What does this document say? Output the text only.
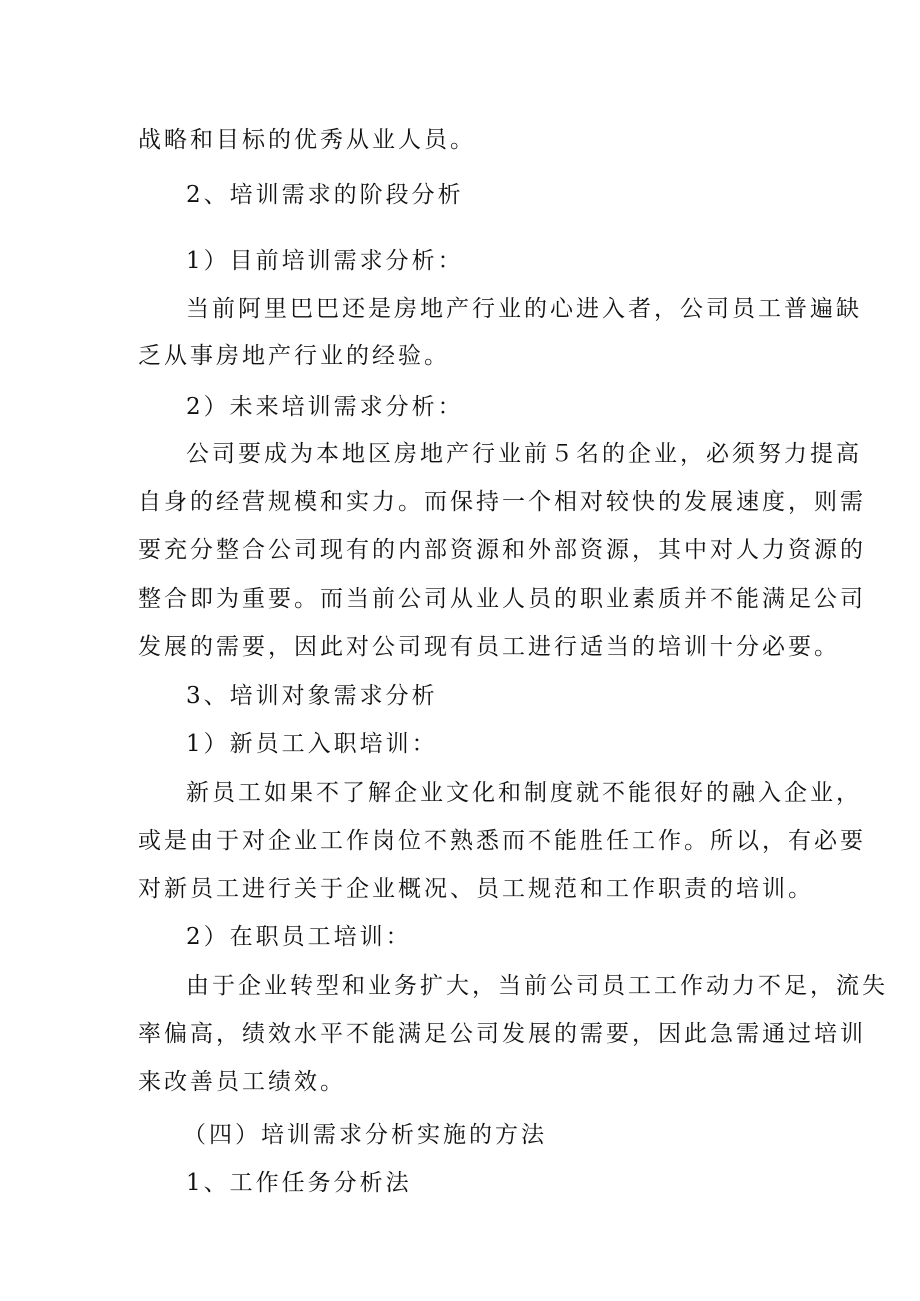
战略和目标的优秀从业人员。
2、培训需求的阶段分析
1）目前培训需求分析：
当前阿里巴巴还是房地产行业的心进入者，公司员工普遍缺
乏从事房地产行业的经验。
2）未来培训需求分析：
公司要成为本地区房地产行业前５名的企业，必须努力提高
自身的经营规模和实力。而保持一个相对较快的发展速度，则需
要充分整合公司现有的内部资源和外部资源，其中对人力资源的
整合即为重要。而当前公司从业人员的职业素质并不能满足公司
发展的需要，因此对公司现有员工进行适当的培训十分必要。
3、培训对象需求分析
1）新员工入职培训：
新员工如果不了解企业文化和制度就不能很好的融入企业，
或是由于对企业工作岗位不熟悉而不能胜任工作。所以，有必要
对新员工进行关于企业概况、员工规范和工作职责的培训。
2）在职员工培训：
由于企业转型和业务扩大，当前公司员工工作动力不足，流失
率偏高，绩效水平不能满足公司发展的需要，因此急需通过培训
来改善员工绩效。
（四）培训需求分析实施的方法
1、工作任务分析法
